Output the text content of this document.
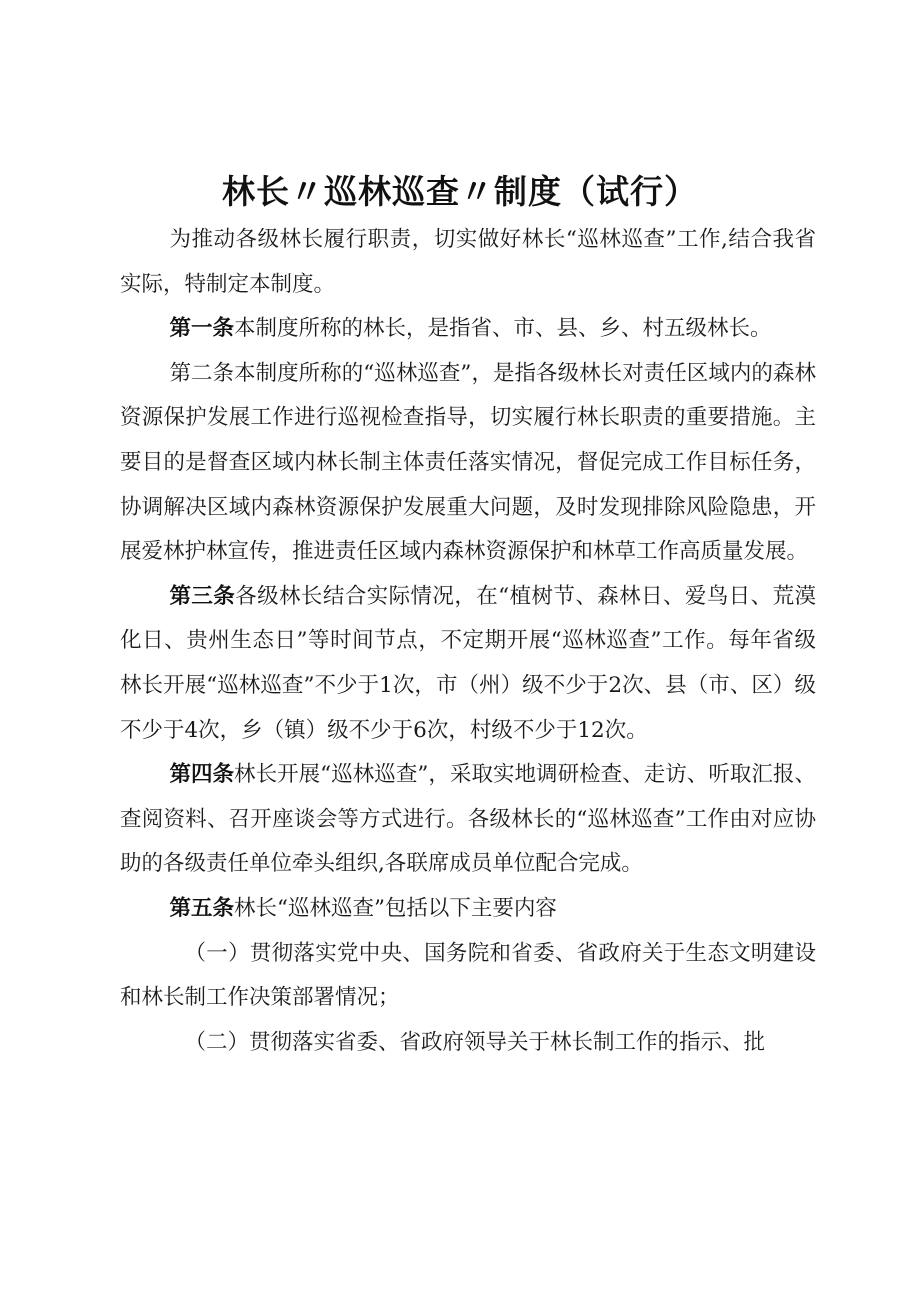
林长〃巡林巡查〃制度（试行）

为推动各级林长履行职责，切实做好林长“巡林巡查”工作,结合我省实际，特制定本制度。

第一条本制度所称的林长，是指省、市、县、乡、村五级林长。

第二条本制度所称的“巡林巡查”，是指各级林长对责任区域内的森林资源保护发展工作进行巡视检查指导，切实履行林长职责的重要措施。主要目的是督查区域内林长制主体责任落实情况，督促完成工作目标任务，协调解决区域内森林资源保护发展重大问题，及时发现排除风险隐患，开展爱林护林宣传，推进责任区域内森林资源保护和林草工作高质量发展。

第三条各级林长结合实际情况，在“植树节、森林日、爱鸟日、荒漠化日、贵州生态日”等时间节点，不定期开展“巡林巡查”工作。每年省级林长开展“巡林巡查”不少于1次，市（州）级不少于2次、县（市、区）级不少于4次，乡（镇）级不少于6次，村级不少于12次。

第四条林长开展“巡林巡查”，采取实地调研检查、走访、听取汇报、查阅资料、召开座谈会等方式进行。各级林长的“巡林巡查”工作由对应协助的各级责任单位牵头组织,各联席成员单位配合完成。

第五条林长“巡林巡查”包括以下主要内容

（一）贯彻落实党中央、国务院和省委、省政府关于生态文明建设和林长制工作决策部署情况；

（二）贯彻落实省委、省政府领导关于林长制工作的指示、批
